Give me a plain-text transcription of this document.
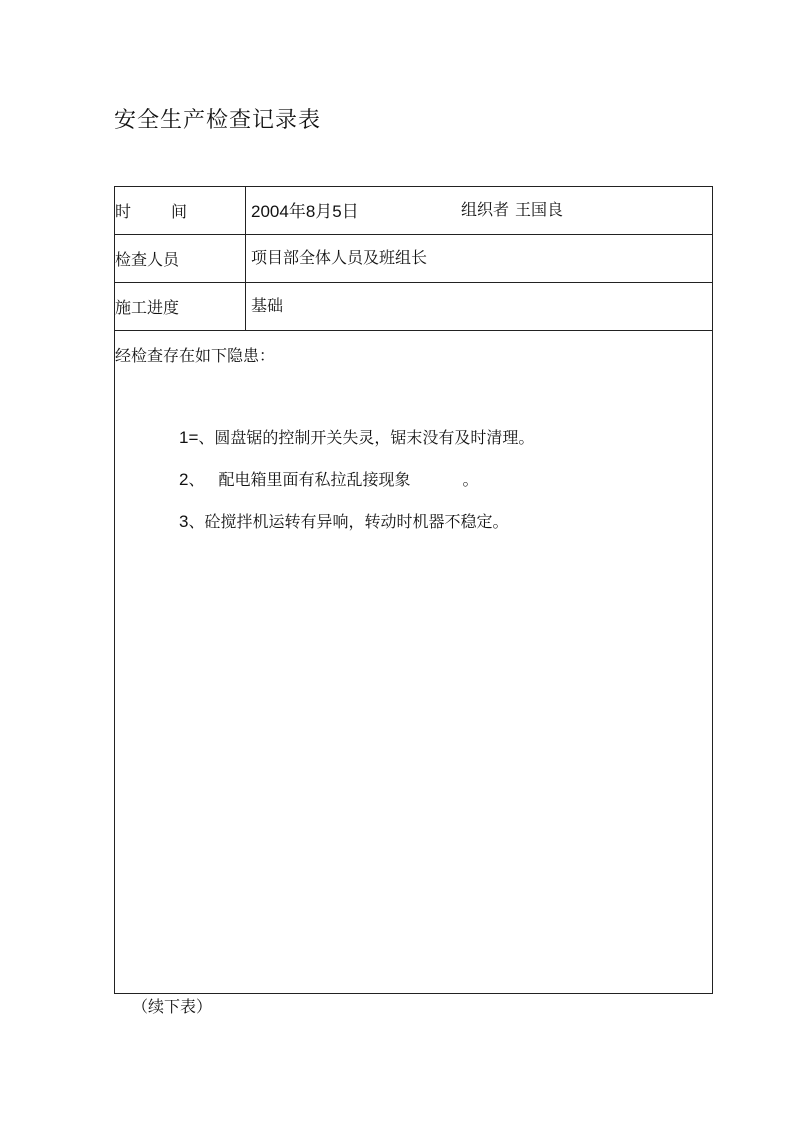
安全生产检查记录表
时	间	2004年8月5日	组织者 王国良
检查人员	项目部全体人员及班组长
施工进度	基础
经检查存在如下隐患：
1=、圆盘锯的控制开关失灵，锯末没有及时清理。
2、 配电箱里面有私拉乱接现象	。
3、砼搅拌机运转有异响，转动时机器不稳定。
（续下表）
